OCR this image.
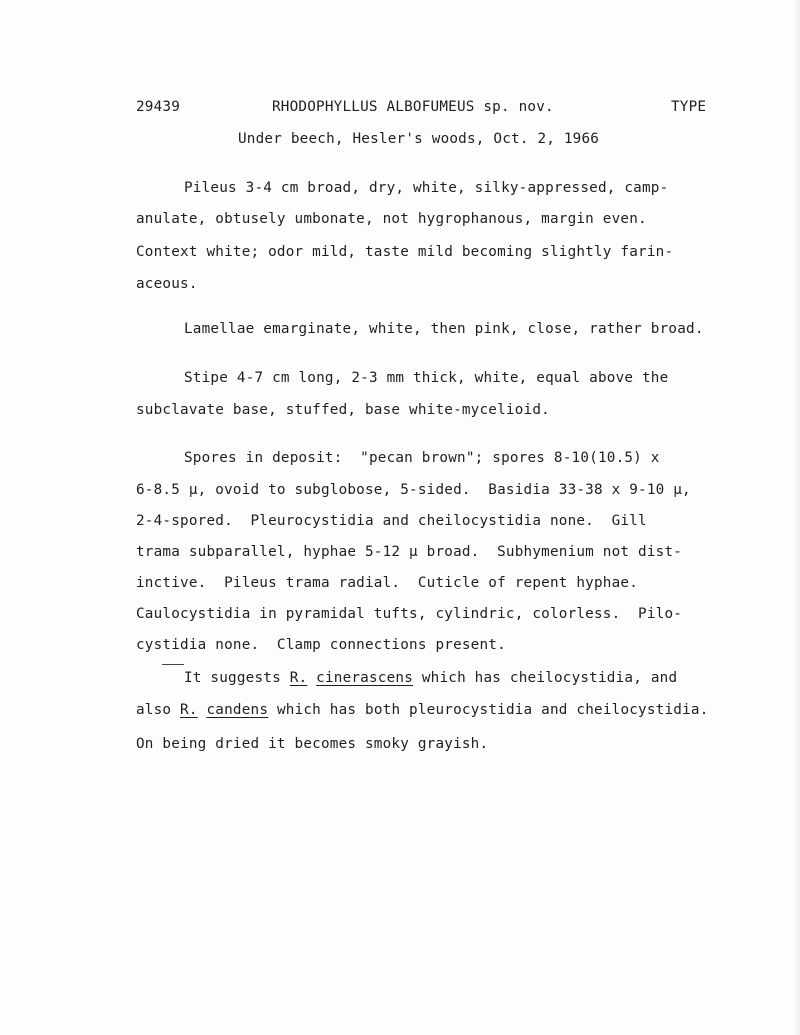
29439	RHODOPHYLLUS ALBOFUMEUS sp. nov.	TYPE
Under beech, Hesler's woods, Oct. 2, 1966
Pileus 3-4 cm broad, dry, white, silky-appressed, camp-
anulate, obtusely umbonate, not hygrophanous, margin even.
Context white; odor mild, taste mild becoming slightly farin-
aceous.
Lamellae emarginate, white, then pink, close, rather broad.
Stipe 4-7 cm long, 2-3 mm thick, white, equal above the
subclavate base, stuffed, base white-mycelioid.
Spores in deposit:  "pecan brown"; spores 8-10(10.5) x
6-8.5 µ, ovoid to subglobose, 5-sided.  Basidia 33-38 x 9-10 µ,
2-4-spored.  Pleurocystidia and cheilocystidia none.  Gill
trama subparallel, hyphae 5-12 µ broad.  Subhymenium not dist-
inctive.  Pileus trama radial.  Cuticle of repent hyphae.
Caulocystidia in pyramidal tufts, cylindric, colorless.  Pilo-
cystidia none.  Clamp connections present.
It suggests R. cinerascens which has cheilocystidia, and
also R. candens which has both pleurocystidia and cheilocystidia.
On being dried it becomes smoky grayish.
